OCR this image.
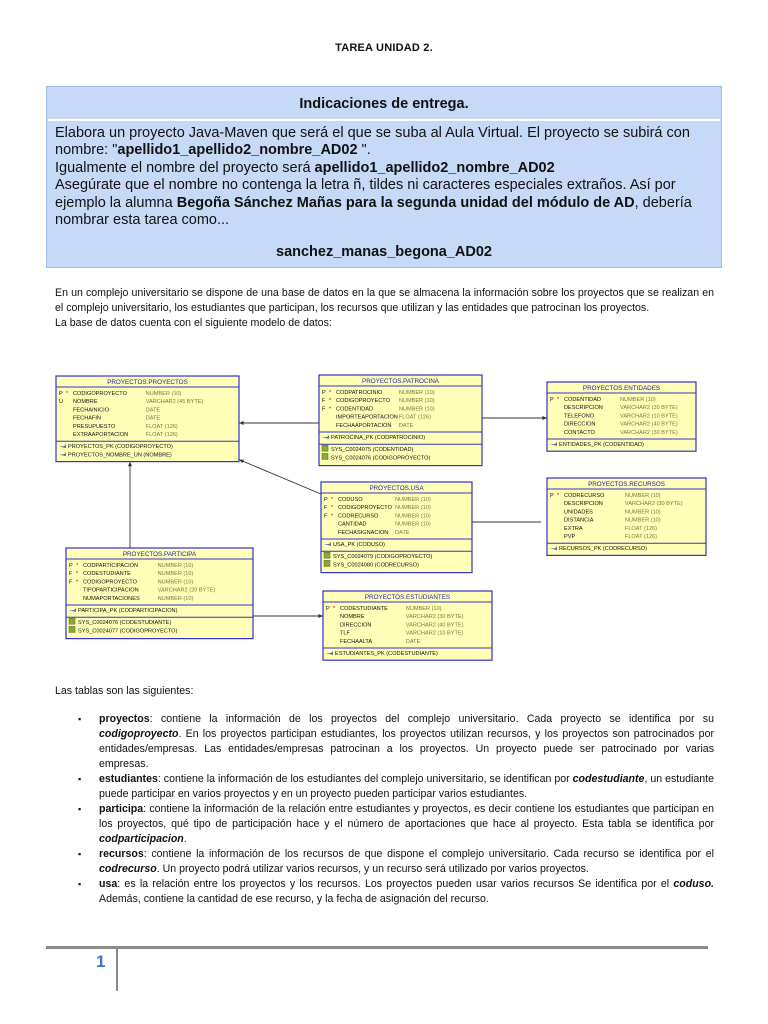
TAREA UNIDAD 2.
Indicaciones de entrega.

Elabora un proyecto Java-Maven que será el que se suba al Aula Virtual. El proyecto se subirá con nombre: "apellido1_apellido2_nombre_AD02 ".

Igualmente el nombre del proyecto será apellido1_apellido2_nombre_AD02

Asegúrate que el nombre no contenga la letra ñ, tildes ni caracteres especiales extraños. Así por ejemplo la alumna Begoña Sánchez Mañas para la segunda unidad del módulo de AD, debería nombrar esta tarea como...

sanchez_manas_begona_AD02

En un complejo universitario se dispone de una base de datos en la que se almacena la información sobre los proyectos que se realizan en el complejo universitario, los estudiantes que participan, los recursos que utilizan y las entidades que patrocinan los proyectos.

La base de datos cuenta con el siguiente modelo de datos:

PROYECTOS.PROYECTOS
P * CODIGOPROYECTO	NUMBER (10)
U NOMBRE	VARCHAR2 (45 BYTE)
FECHAINICIO	DATE
FECHAFIN	DATE
PRESUPUESTO	FLOAT (126)
EXTRAAPORTACION	FLOAT (126)
PROYECTOS_PK (CODIGOPROYECTO)
PROYECTOS_NOMBRE_UN (NOMBRE)
PROYECTOS.PATROCINA
P * CODPATROCINIO	NUMBER (10)
F * CODIGOPROYECTO NUMBER (10)
F * CODENTIDAD	NUMBER (10)
IMPORTEAPORTACION FLOAT (126)
FECHAAPORTACION DATE
PATROCINA_PK (CODPATROCINIO)
SYS_C0024075 (CODENTIDAD)
SYS_C0024076 (CODIGOPROYECTO)
PROYECTOS.ENTIDADES
P * CODENTIDAD	NUMBER (10)
DESCRIPCION	VARCHAR2 (30 BYTE)
TELEFONO	VARCHAR2 (10 BYTE)
DIRECCION	VARCHAR2 (40 BYTE)
CONTACTO	VARCHAR2 (30 BYTE)
ENTIDADES_PK (CODENTIDAD)
PROYECTOS.USA
P * CODUSO	NUMBER (10)
F * CODIGOPROYECTO NUMBER (10)
F * CODRECURSO	NUMBER (10)
CANTIDAD	NUMBER (10)
FECHASIGNACION DATE
USA_PK (CODUSO)
SYS_C0024079 (CODIGOPROYECTO)
SYS_C0024080 (CODRECURSO)
PROYECTOS.RECURSOS
P * CODRECURSO	NUMBER (10)
DESCRIPCION	VARCHAR2 (30 BYTE)
UNIDADES	NUMBER (10)
DISTANCIA	NUMBER (10)
EXTRA	FLOAT (126)
PVP	FLOAT (126)
RECURSOS_PK (CODRECURSO)
PROYECTOS.PARTICIPA
P * CODPARTICIPACION	NUMBER (10)
F * CODESTUDIANTE	NUMBER (10)
F * CODIGOPROYECTO	NUMBER (10)
TIPOPARTICIPACION	VARCHAR2 (20 BYTE)
NUMAPORTACIONES	NUMBER (10)
PARTICIPA_PK (CODPARTICIPACION)
SYS_C0024076 (CODESTUDIANTE)
SYS_C0024077 (CODIGOPROYECTO)
PROYECTOS.ESTUDIANTES
P * CODESTUDIANTE	NUMBER (10)
NOMBRE	VARCHAR2 (30 BYTE)
DIRECCION	VARCHAR2 (40 BYTE)
TLF	VARCHAR2 (10 BYTE)
FECHAALTA	DATE
ESTUDIANTES_PK (CODESTUDIANTE)
Las tablas son las siguientes:
▪ proyectos: contiene la información de los proyectos del complejo universitario. Cada proyecto se identifica por su codigoproyecto. En los proyectos participan estudiantes, los proyectos utilizan recursos, y los proyectos son patrocinados por entidades/empresas. Las entidades/empresas patrocinan a los proyectos. Un proyecto puede ser patrocinado por varias empresas.
▪ estudiantes: contiene la información de los estudiantes del complejo universitario, se identifican por codestudiante, un estudiante puede participar en varios proyectos y en un proyecto pueden participar varios estudiantes.
▪ participa: contiene la información de la relación entre estudiantes y proyectos, es decir contiene los estudiantes que participan en los proyectos, qué tipo de participación hace y el número de aportaciones que hace al proyecto. Esta tabla se identifica por codparticipacion.
▪ recursos: contiene la información de los recursos de que dispone el complejo universitario. Cada recurso se identifica por el codrecurso. Un proyecto podrá utilizar varios recursos, y un recurso será utilizado por varios proyectos.
▪ usa: es la relación entre los proyectos y los recursos. Los proyectos pueden usar varios recursos Se identifica por el coduso. Además, contiene la cantidad de ese recurso, y la fecha de asignación del recurso.
1
